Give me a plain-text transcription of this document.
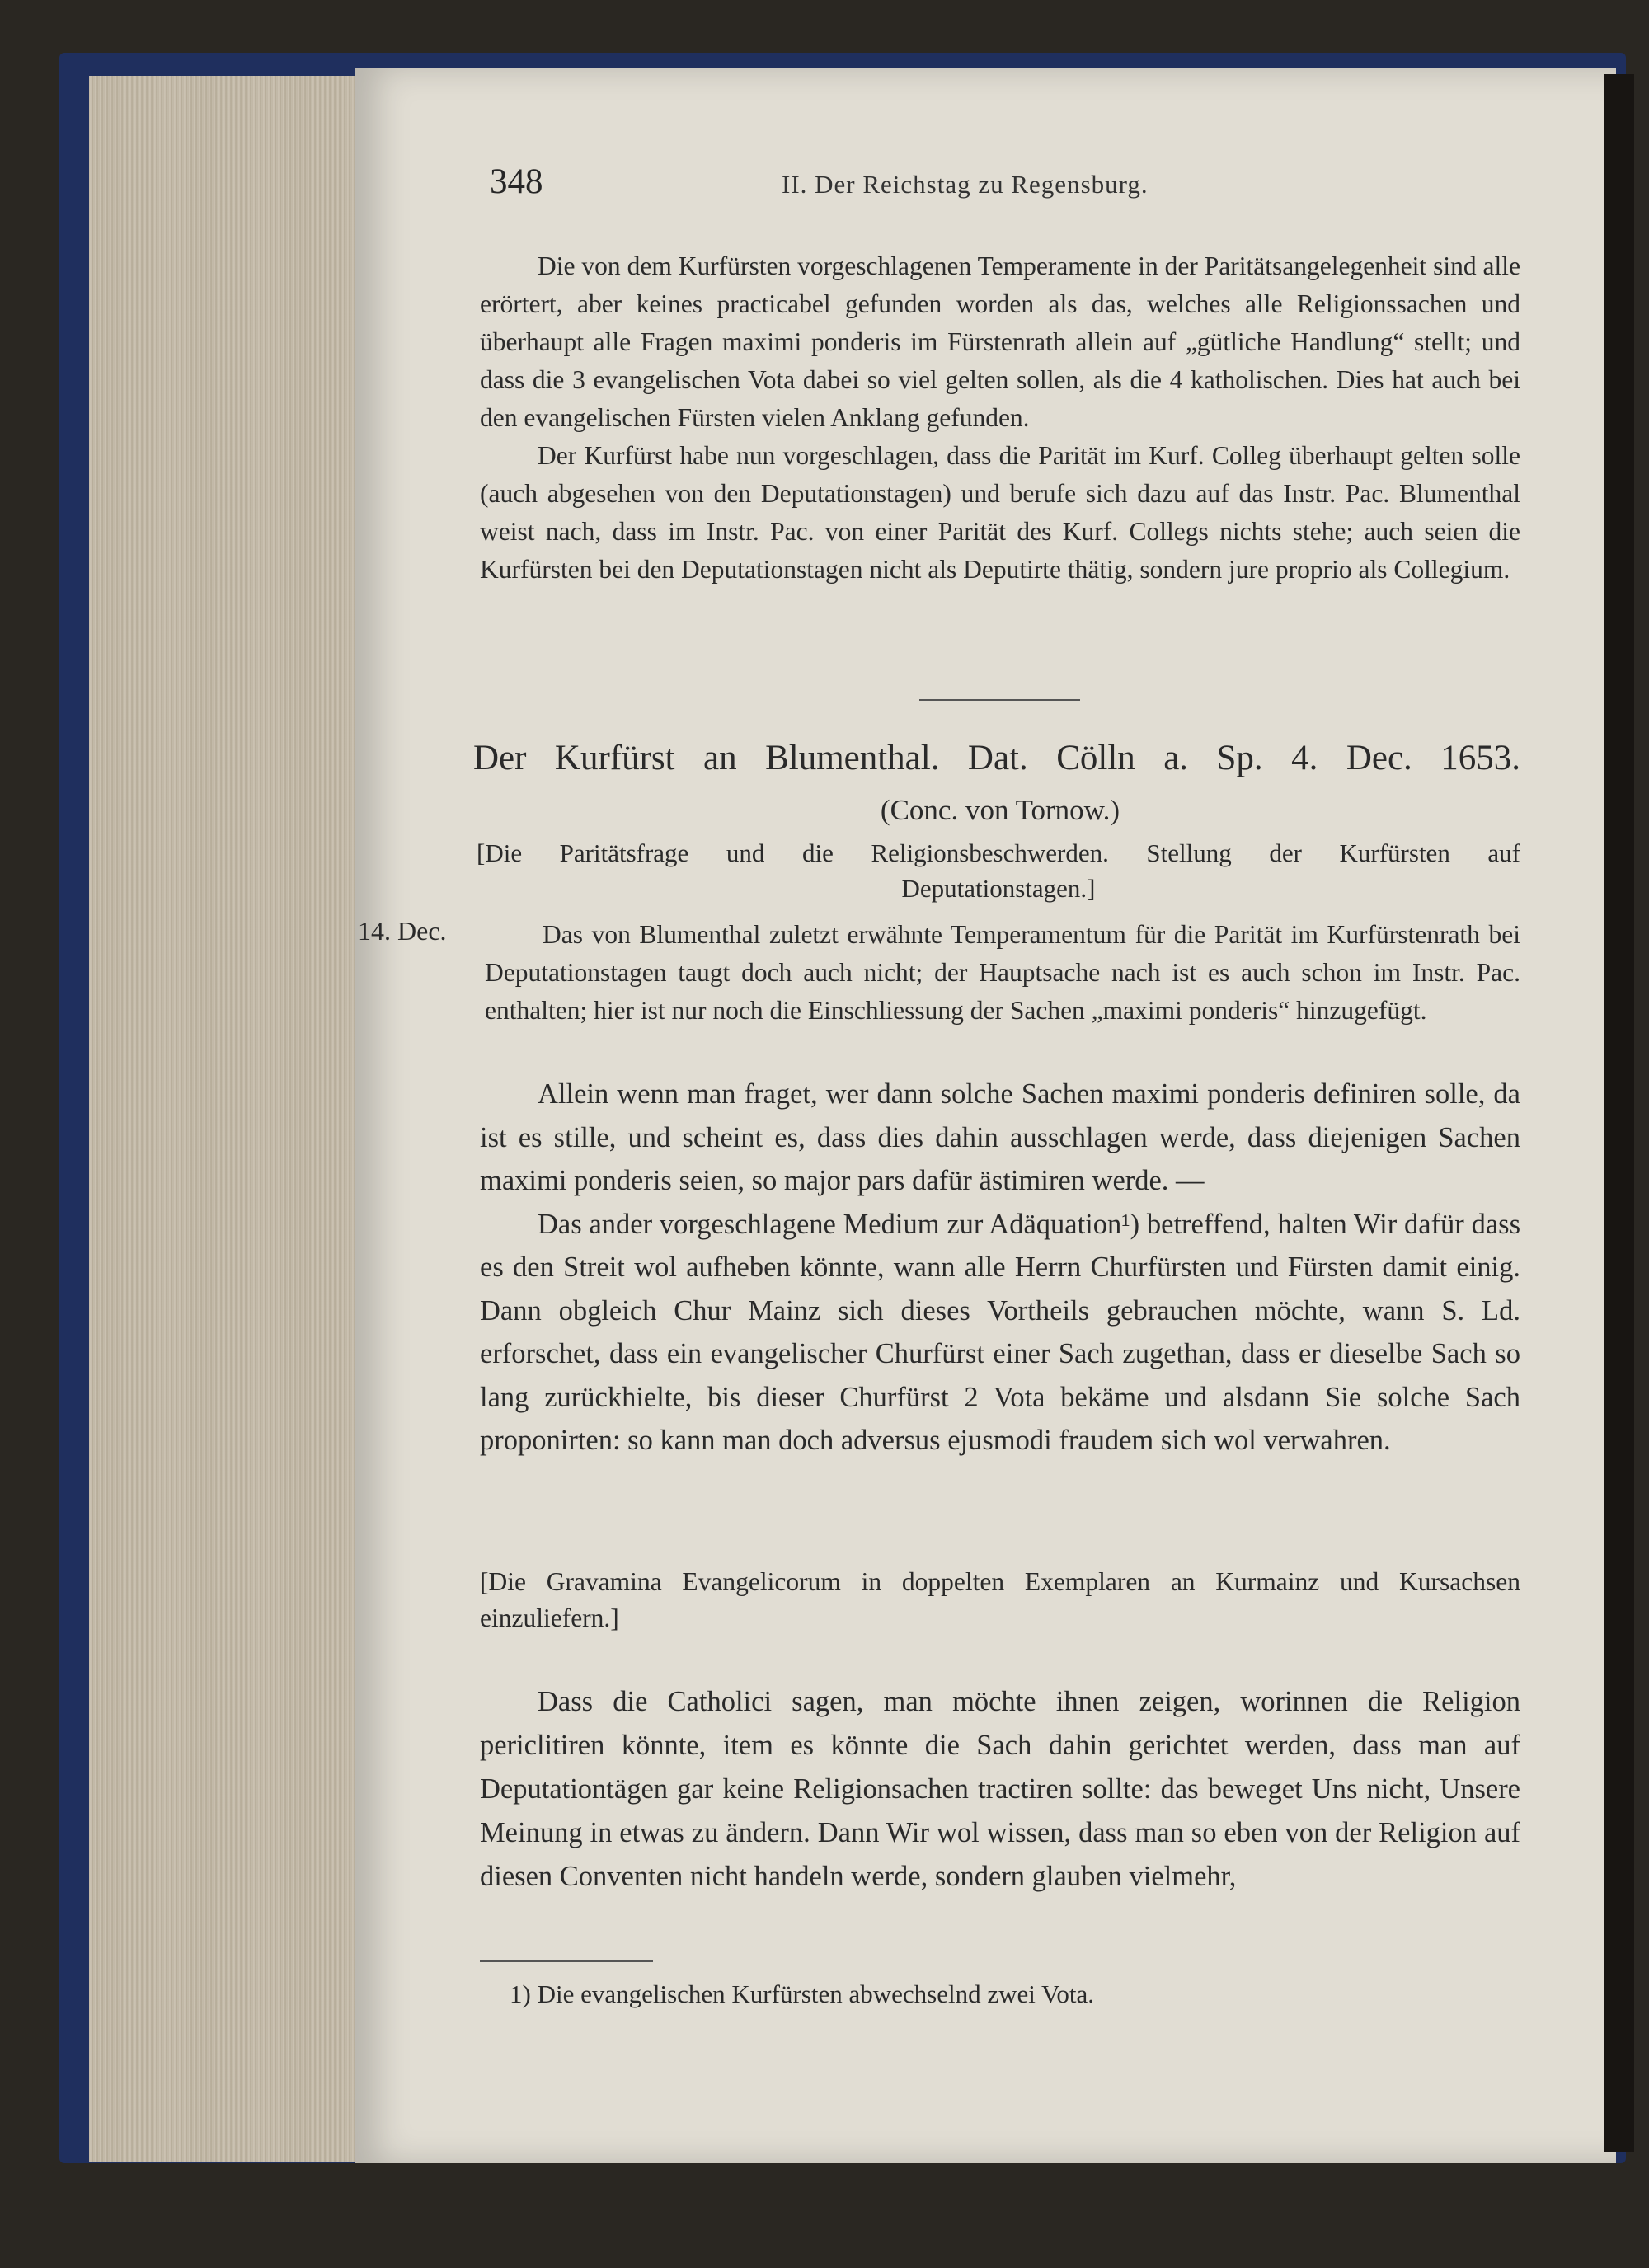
348	II. Der Reichstag zu Regensburg.

Die von dem Kurfürsten vorgeschlagenen Temperamente in der Paritätsangelegenheit sind alle erörtert, aber keines practicabel gefunden worden als das, welches alle Religionssachen und überhaupt alle Fragen maximi ponderis im Fürstenrath allein auf „gütliche Handlung“ stellt; und dass die 3 evangelischen Vota dabei so viel gelten sollen, als die 4 katholischen. Dies hat auch bei den evangelischen Fürsten vielen Anklang gefunden.

Der Kurfürst habe nun vorgeschlagen, dass die Parität im Kurf. Colleg überhaupt gelten solle (auch abgesehen von den Deputationstagen) und berufe sich dazu auf das Instr. Pac. Blumenthal weist nach, dass im Instr. Pac. von einer Parität des Kurf. Collegs nichts stehe; auch seien die Kurfürsten bei den Deputationstagen nicht als Deputirte thätig, sondern jure proprio als Collegium.

Der Kurfürst an Blumenthal. Dat. Cölln a. Sp. 4. Dec. 1653.
(Conc. von Tornow.)
[Die Paritätsfrage und die Religionsbeschwerden. Stellung der Kurfürsten auf
Deputationstagen.]
14. Dec.	Das von Blumenthal zuletzt erwähnte Temperamentum für die Parität im Kurfürstenrath bei Deputationstagen taugt doch auch nicht; der Hauptsache nach ist es auch schon im Instr. Pac. enthalten; hier ist nur noch die Einschliessung der Sachen „maximi ponderis“ hinzugefügt.

Allein wenn man fraget, wer dann solche Sachen maximi ponderis definiren solle, da ist es stille, und scheint es, dass dies dahin ausschlagen werde, dass diejenigen Sachen maximi ponderis seien, so major pars dafür ästimiren werde. —

Das ander vorgeschlagene Medium zur Adäquation¹) betreffend, halten Wir dafür dass es den Streit wol aufheben könnte, wann alle Herrn Churfürsten und Fürsten damit einig. Dann obgleich Chur Mainz sich dieses Vortheils gebrauchen möchte, wann S. Ld. erforschet, dass ein evangelischer Churfürst einer Sach zugethan, dass er dieselbe Sach so lang zurückhielte, bis dieser Churfürst 2 Vota bekäme und alsdann Sie solche Sach proponirten: so kann man doch adversus ejusmodi fraudem sich wol verwahren.

[Die Gravamina Evangelicorum in doppelten Exemplaren an Kurmainz und Kursachsen einzuliefern.]

Dass die Catholici sagen, man möchte ihnen zeigen, worinnen die Religion periclitiren könnte, item es könnte die Sach dahin gerichtet werden, dass man auf Deputationtägen gar keine Religionsachen tractiren sollte: das beweget Uns nicht, Unsere Meinung in etwas zu ändern. Dann Wir wol wissen, dass man so eben von der Religion auf diesen Conventen nicht handeln werde, sondern glauben vielmehr,

1) Die evangelischen Kurfürsten abwechselnd zwei Vota.
